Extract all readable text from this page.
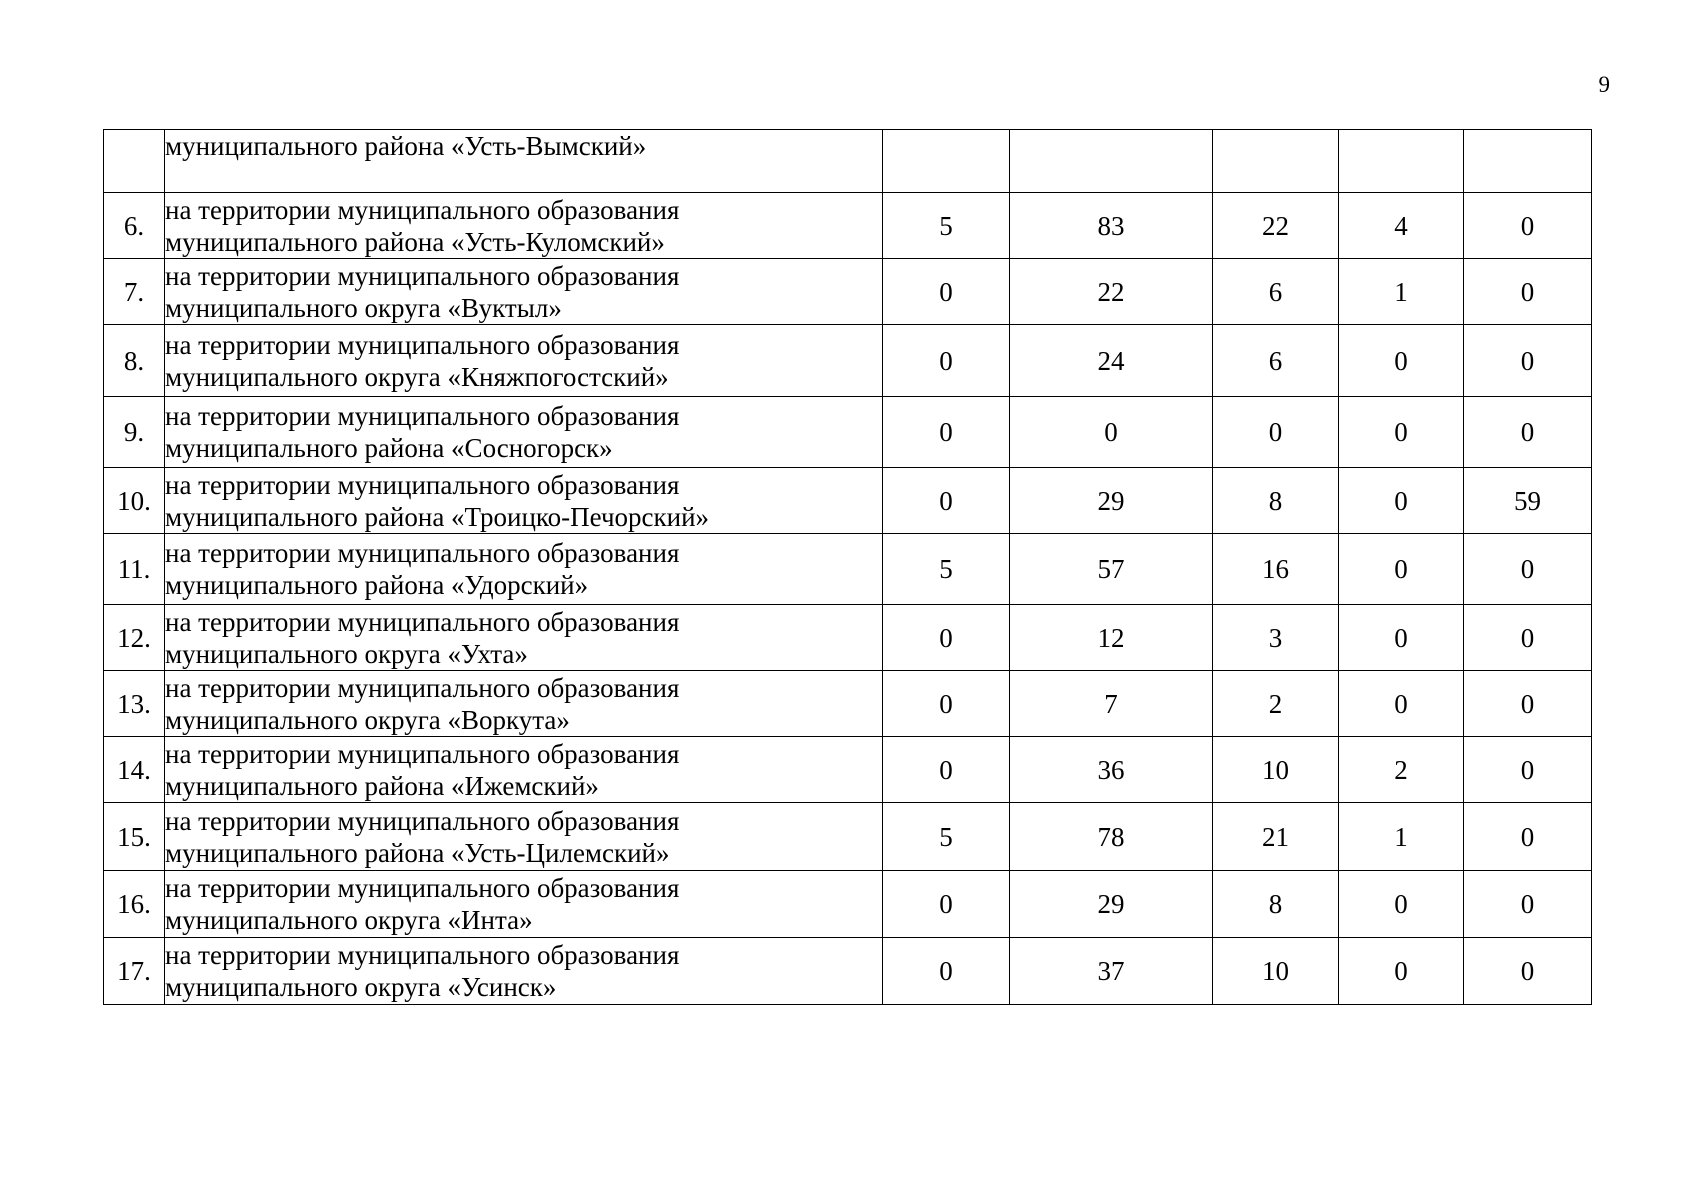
9

	муниципального района «Усть-Вымский»					

6.	на территории муниципального образования
муниципального района «Усть-Куломский»	5	83	22	4	0
7.	на территории муниципального образования
муниципального округа «Вуктыл»	0	22	6	1	0
8.	на территории муниципального образования
муниципального округа «Княжпогостский»	0	24	6	0	0
9.	на территории муниципального образования
муниципального района «Сосногорск»	0	0	0	0	0
10.	на территории муниципального образования
муниципального района «Троицко-Печорский»	0	29	8	0	59
11.	на территории муниципального образования
муниципального района «Удорский»	5	57	16	0	0
12.	на территории муниципального образования
муниципального округа «Ухта»	0	12	3	0	0
13.	на территории муниципального образования
муниципального округа «Воркута»	0	7	2	0	0
14.	на территории муниципального образования
муниципального района «Ижемский»	0	36	10	2	0
15.	на территории муниципального образования
муниципального района «Усть-Цилемский»	5	78	21	1	0
16.	на территории муниципального образования
муниципального округа «Инта»	0	29	8	0	0
17.	на территории муниципального образования
муниципального округа «Усинск»	0	37	10	0	0
